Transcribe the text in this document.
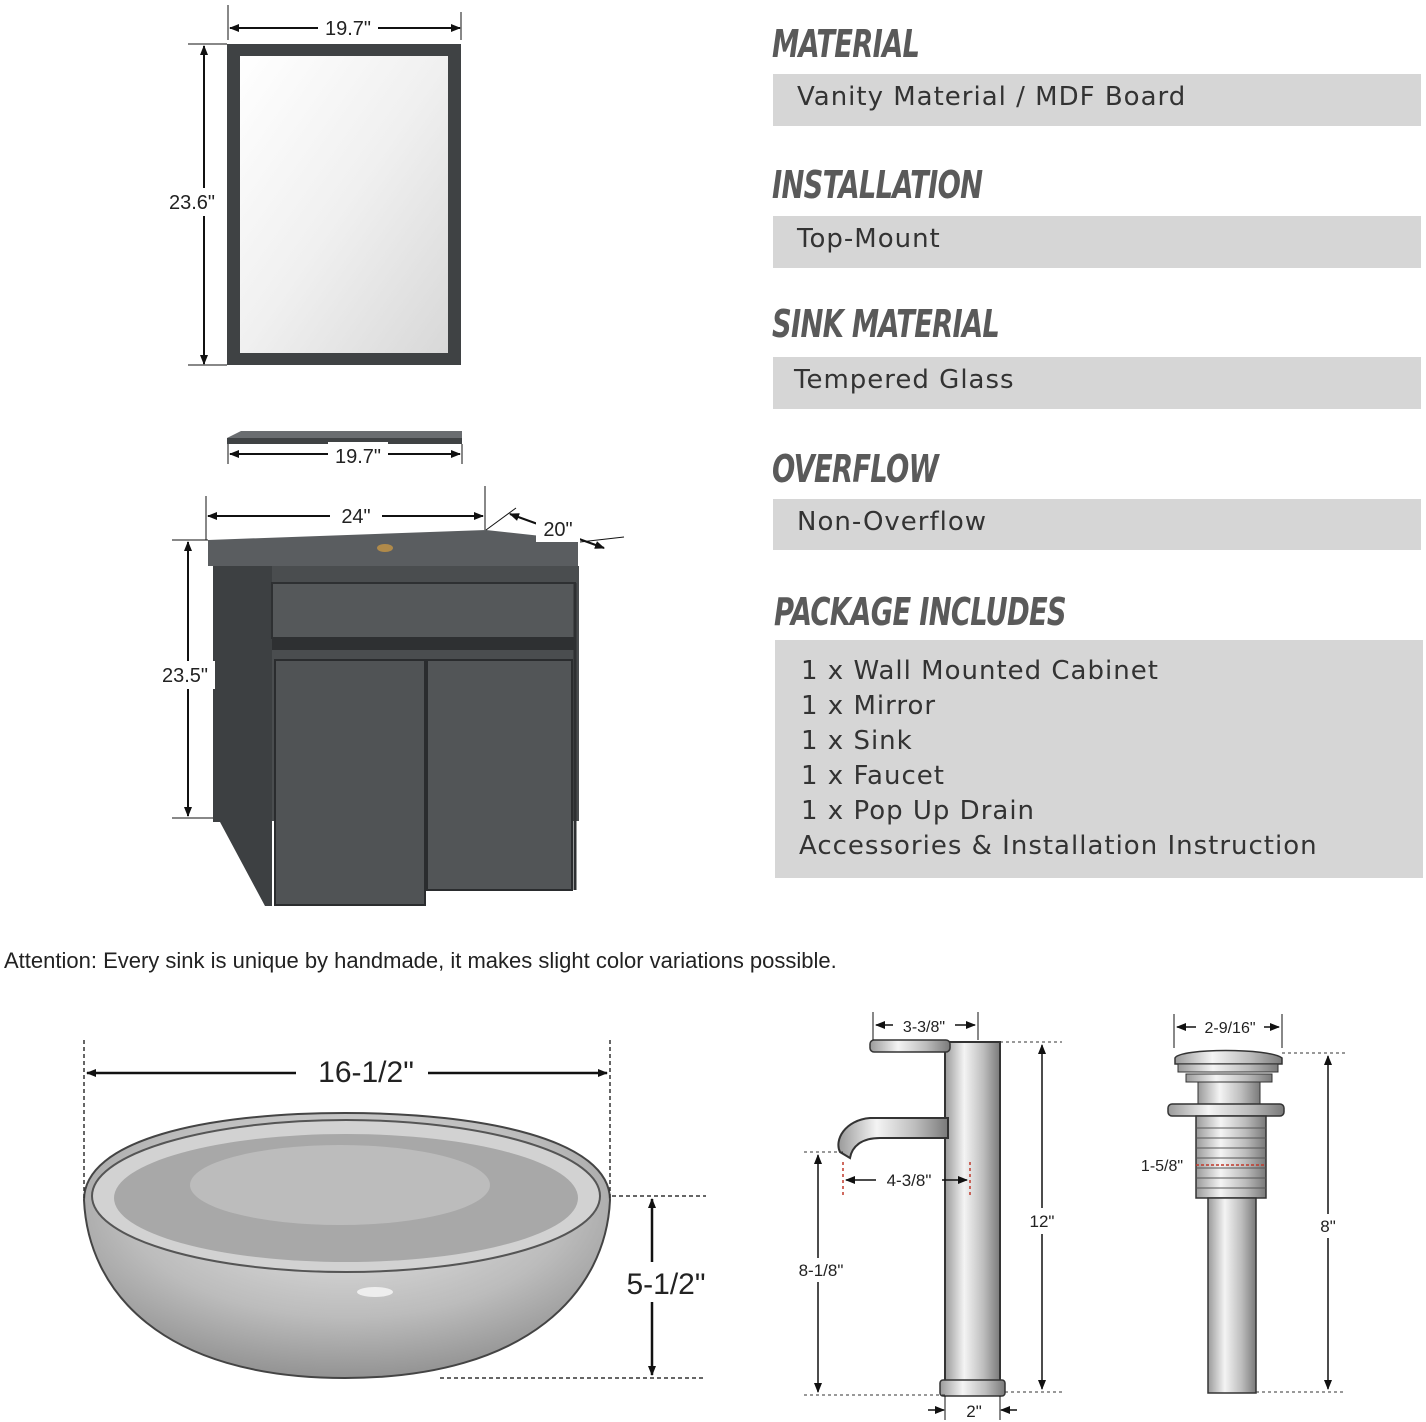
19.7"
23.6"
19.7"
24"
20"
23.5"
16-1/2"
5-1/2"
3-3/8"
12"
8-1/8"
4-3/8"
2"
2-9/16"
1-5/8"
8"
MATERIAL
Vanity Material / MDF Board
INSTALLATION
Top-Mount
SINK MATERIAL
Tempered Glass
OVERFLOW
Non-Overflow
PACKAGE INCLUDES
1 x Wall Mounted Cabinet
1 x Mirror
1 x Sink
1 x Faucet
1 x Pop Up Drain
Accessories & Installation Instruction
Attention: Every sink is unique by handmade, it makes slight color variations possible.
